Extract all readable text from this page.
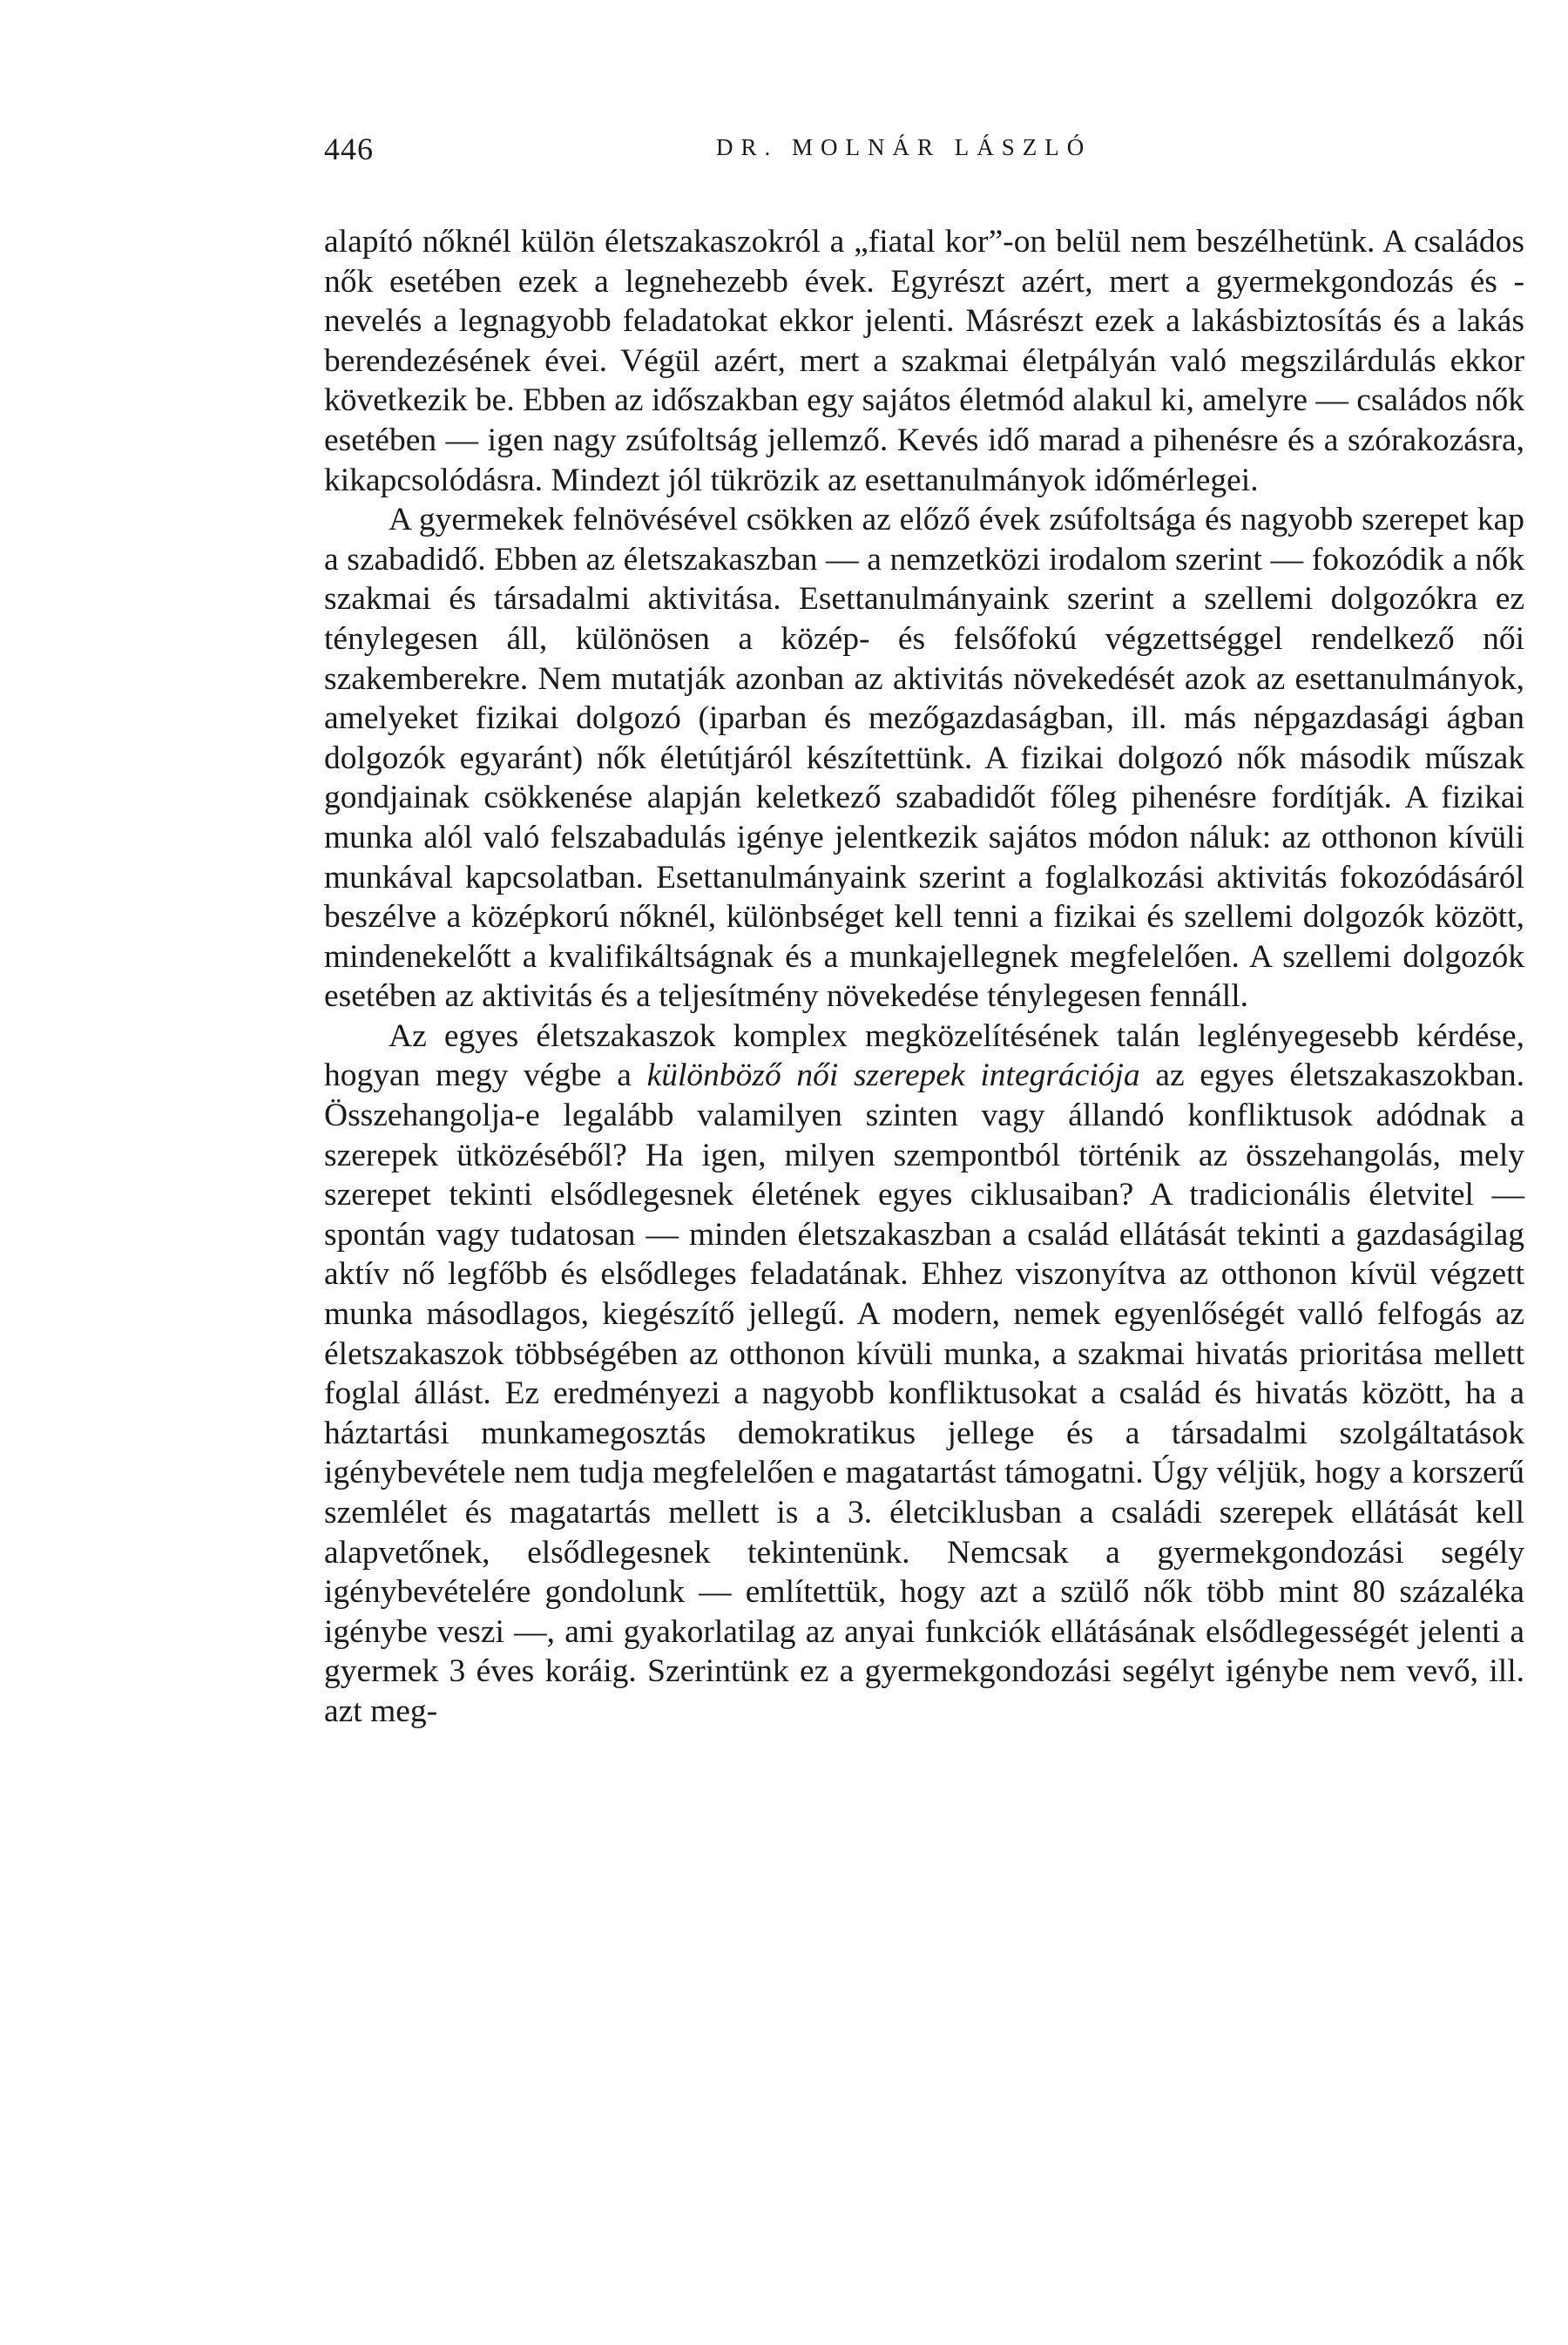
446	DR. MOLNÁR LÁSZLÓ

alapító nőknél külön életszakaszokról a „fiatal kor”-on belül nem beszélhetünk. A családos nők esetében ezek a legnehezebb évek. Egyrészt azért, mert a gyermekgondozás és -nevelés a legnagyobb feladatokat ekkor jelenti. Másrészt ezek a lakásbiztosítás és a lakás berendezésének évei. Végül azért, mert a szakmai életpályán való megszilárdulás ekkor következik be. Ebben az időszakban egy sajátos életmód alakul ki, amelyre — családos nők esetében — igen nagy zsúfoltság jellemző. Kevés idő marad a pihenésre és a szórakozásra, kikapcsolódásra. Mindezt jól tükrözik az esettanulmányok időmérlegei.

A gyermekek felnövésével csökken az előző évek zsúfoltsága és nagyobb szerepet kap a szabadidő. Ebben az életszakaszban — a nemzetközi irodalom szerint — fokozódik a nők szakmai és társadalmi aktivitása. Esettanulmányaink szerint a szellemi dolgozókra ez ténylegesen áll, különösen a közép- és felsőfokú végzettséggel rendelkező női szakemberekre. Nem mutatják azonban az aktivitás növekedését azok az esettanulmányok, amelyeket fizikai dolgozó (iparban és mezőgazdaságban, ill. más népgazdasági ágban dolgozók egyaránt) nők életútjáról készítettünk. A fizikai dolgozó nők második műszak gondjainak csökkenése alapján keletkező szabadidőt főleg pihenésre fordítják. A fizikai munka alól való felszabadulás igénye jelentkezik sajátos módon náluk: az otthonon kívüli munkával kapcsolatban. Esettanulmányaink szerint a foglalkozási aktivitás fokozódásáról beszélve a középkorú nőknél, különbséget kell tenni a fizikai és szellemi dolgozók között, mindenekelőtt a kvalifikáltságnak és a munkajellegnek megfelelően. A szellemi dolgozók esetében az aktivitás és a teljesítmény növekedése ténylegesen fennáll.

Az egyes életszakaszok komplex megközelítésének talán leglényegesebb kérdése, hogyan megy végbe a különböző női szerepek integrációja az egyes életszakaszokban. Összehangolja-e legalább valamilyen szinten vagy állandó konfliktusok adódnak a szerepek ütközéséből? Ha igen, milyen szempontból történik az összehangolás, mely szerepet tekinti elsődlegesnek életének egyes ciklusaiban? A tradicionális életvitel — spontán vagy tudatosan — minden életszakaszban a család ellátását tekinti a gazdaságilag aktív nő legfőbb és elsődleges feladatának. Ehhez viszonyítva az otthonon kívül végzett munka másodlagos, kiegészítő jellegű. A modern, nemek egyenlőségét valló felfogás az életszakaszok többségében az otthonon kívüli munka, a szakmai hivatás prioritása mellett foglal állást. Ez eredményezi a nagyobb konfliktusokat a család és hivatás között, ha a háztartási munkamegosztás demokratikus jellege és a társadalmi szolgáltatások igénybevétele nem tudja megfelelően e magatartást támogatni. Úgy véljük, hogy a korszerű szemlélet és magatartás mellett is a 3. életciklusban a családi szerepek ellátását kell alapvetőnek, elsődlegesnek tekintenünk. Nemcsak a gyermekgondozási segély igénybevételére gondolunk — említettük, hogy azt a szülő nők több mint 80 százaléka igénybe veszi —, ami gyakorlatilag az anyai funkciók ellátásának elsődlegességét jelenti a gyermek 3 éves koráig. Szerintünk ez a gyermekgondozási segélyt igénybe nem vevő, ill. azt meg-
